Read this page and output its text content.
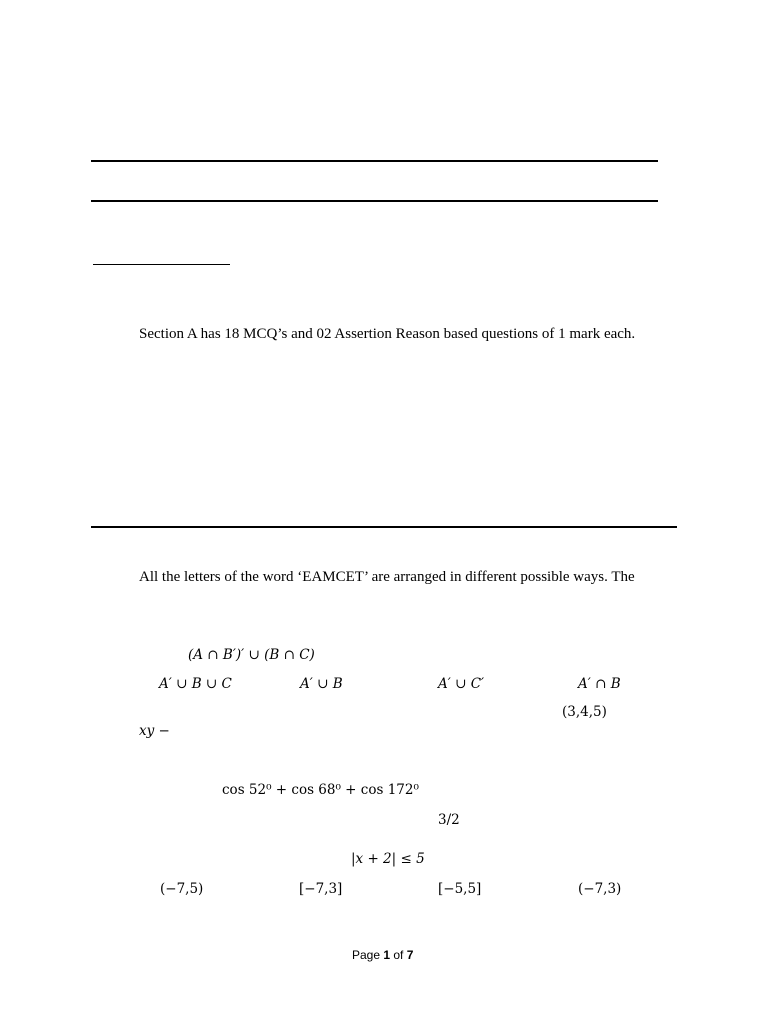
Section A has 18 MCQ’s and 02 Assertion Reason based questions of 1 mark each.
All the letters of the word ‘EAMCET’ are arranged in different possible ways. The
(A ∩ B′)′ ∪ (B ∩ C)
A′ ∪ B ∪ C	A′ ∪ B	A′ ∪ C′	A′ ∩ B
(3,4,5)
xy −
cos 52⁰ + cos 68⁰ + cos 172⁰
3/2
|x + 2| ≤ 5
(−7,5)	[−7,3]	[−5,5]	(−7,3)
Page 1 of 7
